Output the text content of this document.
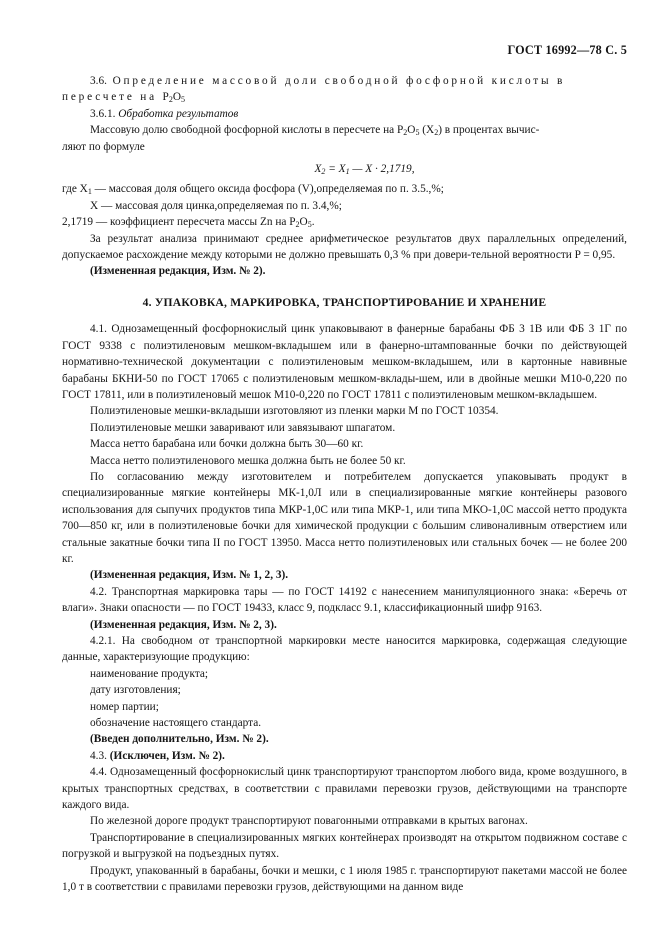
ГОСТ 16992—78 С. 5

3.6. Определение массовой доли свободной фосфорной кислоты в

пересчете на $P_2O_5$

3.6.1. Обработка результатов

Массовую долю свободной фосфорной кислоты в пересчете на $P_2O_5$ $(X_2)$ в процентах вычис-

ляют по формуле

$X_2 = X_1$ — X · 2,1719,

где $X_1$ — массовая доля общего оксида фосфора (V),определяемая по п. 3.5.,%;

X — массовая доля цинка,определяемая по п. 3.4,%;

2,1719 — коэффициент пересчета массы Zn на $P_2O_5$.

За результат анализа принимают среднее арифметическое результатов двух параллельных определений, допускаемое расхождение между которыми не должно превышать 0,3 % при довери-тельной вероятности P = 0,95.

(Измененная редакция, Изм. № 2).

4. УПАКОВКА, МАРКИРОВКА, ТРАНСПОРТИРОВАНИЕ И ХРАНЕНИЕ

4.1. Однозамещенный фосфорнокислый цинк упаковывают в фанерные барабаны ФБ 3 1В или ФБ 3 1Г по ГОСТ 9338 с полиэтиленовым мешком-вкладышем или в фанерно-штампованные бочки по действующей нормативно-технической документации с полиэтиленовым мешком-вкладышем, или в картонные навивные барабаны БКНИ-50 по ГОСТ 17065 с полиэтиленовым мешком-вклады-шем, или в двойные мешки М10-0,220 по ГОСТ 17811, или в полиэтиленовый мешок М10-0,220 по ГОСТ 17811 с полиэтиленовым мешком-вкладышем.

Полиэтиленовые мешки-вкладыши изготовляют из пленки марки М по ГОСТ 10354.

Полиэтиленовые мешки заваривают или завязывают шпагатом.

Масса нетто барабана или бочки должна быть 30—60 кг.

Масса нетто полиэтиленового мешка должна быть не более 50 кг.

По согласованию между изготовителем и потребителем допускается упаковывать продукт в специализированные мягкие контейнеры МК-1,0Л или в специализированные мягкие контейнеры разового использования для сыпучих продуктов типа МКР-1,0С или типа МКР-1, или типа МКО-1,0С массой нетто продукта 700—850 кг, или в полиэтиленовые бочки для химической продукции с большим сливоналивным отверстием или стальные закатные бочки типа II по ГОСТ 13950. Масса нетто полиэтиленовых или стальных бочек — не более 200 кг.

(Измененная редакция, Изм. № 1, 2, 3).

4.2. Транспортная маркировка тары — по ГОСТ 14192 с нанесением манипуляционного знака: «Беречь от влаги». Знаки опасности — по ГОСТ 19433, класс 9, подкласс 9.1, классификационный шифр 9163.

(Измененная редакция, Изм. № 2, 3).

4.2.1. На свободном от транспортной маркировки месте наносится маркировка, содержащая следующие данные, характеризующие продукцию:

наименование продукта;

дату изготовления;

номер партии;

обозначение настоящего стандарта.

(Введен дополнительно, Изм. № 2).

4.3. (Исключен, Изм. № 2).

4.4. Однозамещенный фосфорнокислый цинк транспортируют транспортом любого вида, кроме воздушного, в крытых транспортных средствах, в соответствии с правилами перевозки грузов, действующими на транспорте каждого вида.

По железной дороге продукт транспортируют повагонными отправками в крытых вагонах.

Транспортирование в специализированных мягких контейнерах производят на открытом подвижном составе с погрузкой и выгрузкой на подъездных путях.

Продукт, упакованный в барабаны, бочки и мешки, с 1 июля 1985 г. транспортируют пакетами массой не более 1,0 т в соответствии с правилами перевозки грузов, действующими на данном виде
